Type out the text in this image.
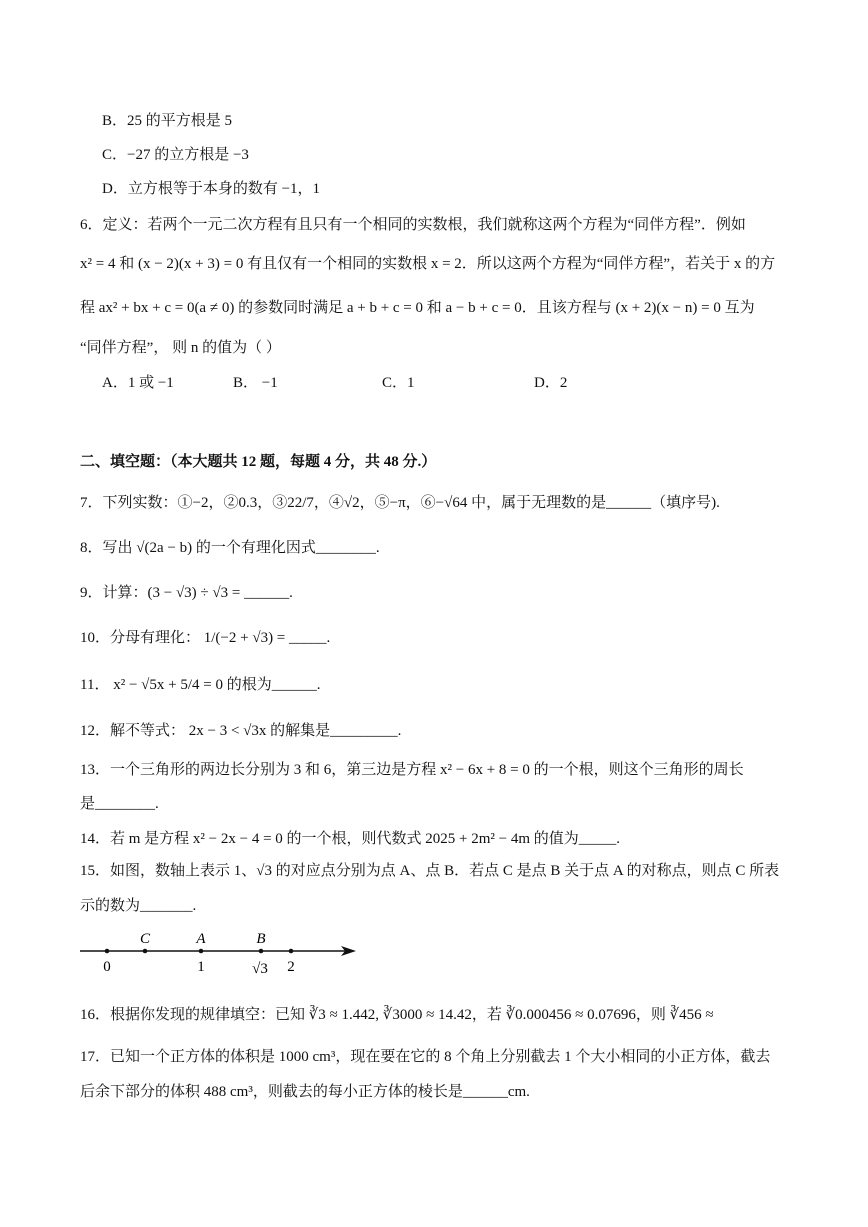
B．25 的平方根是 5
C．−27 的立方根是 −3
D．立方根等于本身的数有 −1，1
6．定义：若两个一元二次方程有且只有一个相同的实数根，我们就称这两个方程为“同伴方程”．例如
x² = 4 和 (x − 2)(x + 3) = 0 有且仅有一个相同的实数根 x = 2．所以这两个方程为“同伴方程”，若关于 x 的方
程 ax² + bx + c = 0(a ≠ 0) 的参数同时满足 a + b + c = 0 和 a − b + c = 0．且该方程与 (x + 2)(x − n) = 0 互为
“同伴方程”， 则 n 的值为（ ）
A．1 或 −1	B． −1	C．1	D．2
二、填空题：（本大题共 12 题，每题 4 分，共 48 分.）
7．下列实数：①−2，②0.3，③22/7，④√2，⑤−π，⑥−√64 中，属于无理数的是______（填序号).
8．写出 √(2a − b) 的一个有理化因式________.
9．计算：(3 − √3) ÷ √3 = ______.
10．分母有理化： 1/(−2 + √3) = _____.
11． x² − √5x + 5/4 = 0 的根为______.
12．解不等式： 2x − 3 < √3x 的解集是_________.
13．一个三角形的两边长分别为 3 和 6，第三边是方程 x² − 6x + 8 = 0 的一个根，则这个三角形的周长
是________.
14．若 m 是方程 x² − 2x − 4 = 0 的一个根，则代数式 2025 + 2m² − 4m 的值为_____.
15．如图，数轴上表示 1、√3 的对应点分别为点 A、点 B．若点 C 是点 B 关于点 A 的对称点，则点 C 所表
示的数为_______.
C	A	B
0	1	√3 2
16．根据你发现的规律填空：已知 ∛3 ≈ 1.442, ∛3000 ≈ 14.42，若 ∛0.000456 ≈ 0.07696，则 ∛456 ≈
17．已知一个正方体的体积是 1000 cm³，现在要在它的 8 个角上分别截去 1 个大小相同的小正方体，截去
后余下部分的体积 488 cm³，则截去的每小正方体的棱长是______cm.
